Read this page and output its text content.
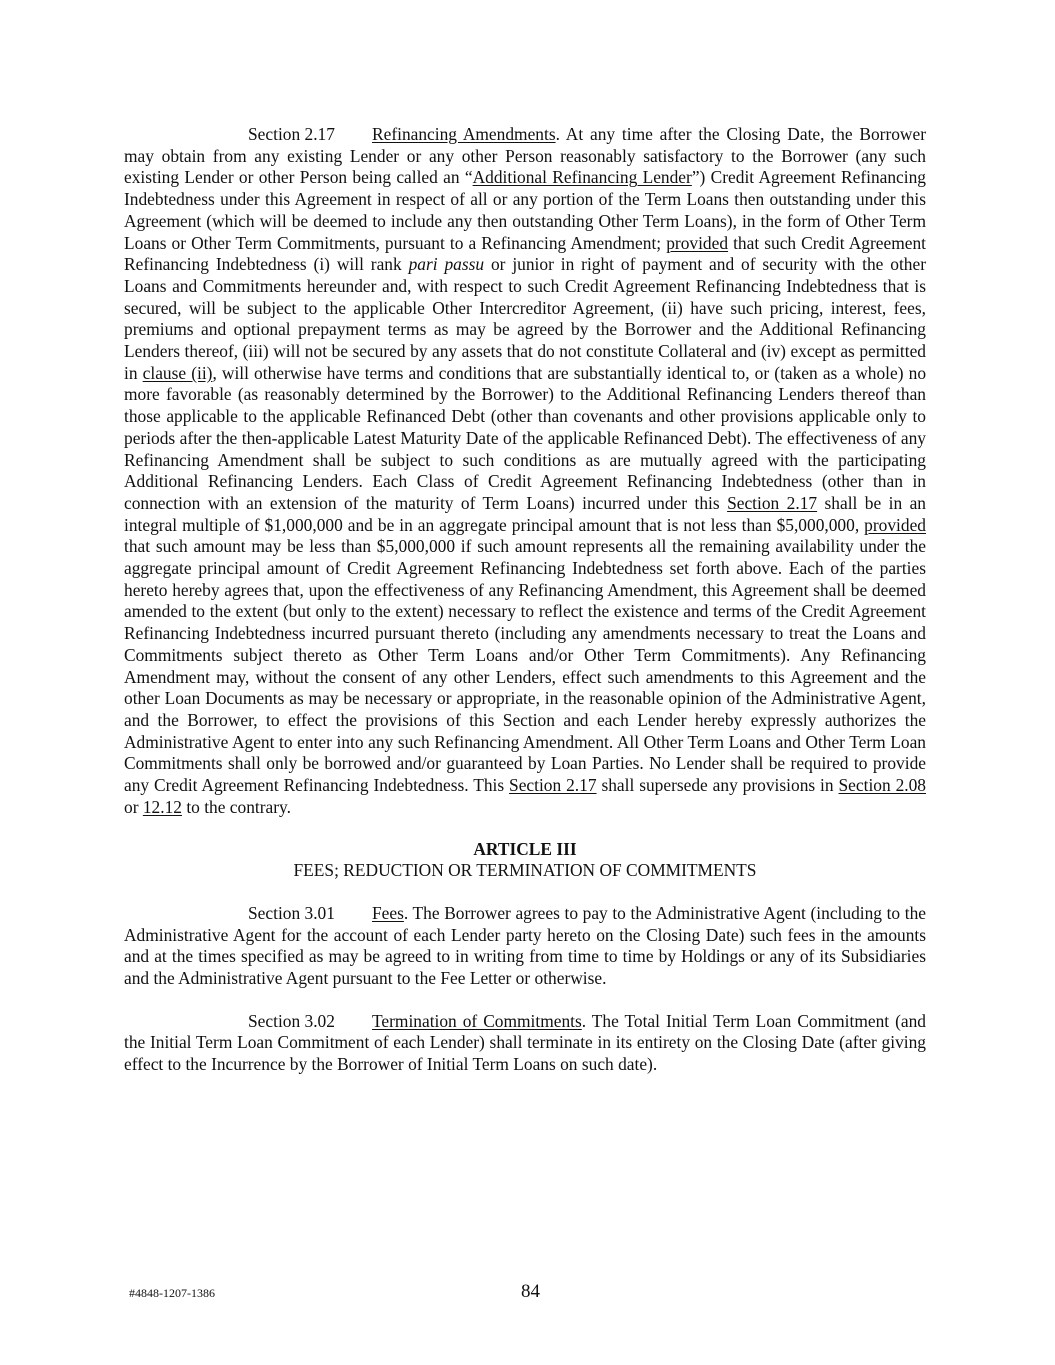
Section 2.17 Refinancing Amendments. At any time after the Closing Date, the Borrower may obtain from any existing Lender or any other Person reasonably satisfactory to the Borrower (any such existing Lender or other Person being called an “Additional Refinancing Lender”) Credit Agreement Refinancing Indebtedness under this Agreement in respect of all or any portion of the Term Loans then outstanding under this Agreement (which will be deemed to include any then outstanding Other Term Loans), in the form of Other Term Loans or Other Term Commitments, pursuant to a Refinancing Amendment; provided that such Credit Agreement Refinancing Indebtedness (i) will rank pari passu or junior in right of payment and of security with the other Loans and Commitments hereunder and, with respect to such Credit Agreement Refinancing Indebtedness that is secured, will be subject to the applicable Other Intercreditor Agreement, (ii) have such pricing, interest, fees, premiums and optional prepayment terms as may be agreed by the Borrower and the Additional Refinancing Lenders thereof, (iii) will not be secured by any assets that do not constitute Collateral and (iv) except as permitted in clause (ii), will otherwise have terms and conditions that are substantially identical to, or (taken as a whole) no more favorable (as reasonably determined by the Borrower) to the Additional Refinancing Lenders thereof than those applicable to the applicable Refinanced Debt (other than covenants and other provisions applicable only to periods after the then-applicable Latest Maturity Date of the applicable Refinanced Debt). The effectiveness of any Refinancing Amendment shall be subject to such conditions as are mutually agreed with the participating Additional Refinancing Lenders. Each Class of Credit Agreement Refinancing Indebtedness (other than in connection with an extension of the maturity of Term Loans) incurred under this Section 2.17 shall be in an integral multiple of $1,000,000 and be in an aggregate principal amount that is not less than $5,000,000, provided that such amount may be less than $5,000,000 if such amount represents all the remaining availability under the aggregate principal amount of Credit Agreement Refinancing Indebtedness set forth above. Each of the parties hereto hereby agrees that, upon the effectiveness of any Refinancing Amendment, this Agreement shall be deemed amended to the extent (but only to the extent) necessary to reflect the existence and terms of the Credit Agreement Refinancing Indebtedness incurred pursuant thereto (including any amendments necessary to treat the Loans and Commitments subject thereto as Other Term Loans and/or Other Term Commitments). Any Refinancing Amendment may, without the consent of any other Lenders, effect such amendments to this Agreement and the other Loan Documents as may be necessary or appropriate, in the reasonable opinion of the Administrative Agent, and the Borrower, to effect the provisions of this Section and each Lender hereby expressly authorizes the Administrative Agent to enter into any such Refinancing Amendment. All Other Term Loans and Other Term Loan Commitments shall only be borrowed and/or guaranteed by Loan Parties. No Lender shall be required to provide any Credit Agreement Refinancing Indebtedness. This Section 2.17 shall supersede any provisions in Section 2.08 or 12.12 to the contrary.

ARTICLE III
FEES; REDUCTION OR TERMINATION OF COMMITMENTS

Section 3.01 Fees. The Borrower agrees to pay to the Administrative Agent (including to the Administrative Agent for the account of each Lender party hereto on the Closing Date) such fees in the amounts and at the times specified as may be agreed to in writing from time to time by Holdings or any of its Subsidiaries and the Administrative Agent pursuant to the Fee Letter or otherwise.

Section 3.02 Termination of Commitments. The Total Initial Term Loan Commitment (and the Initial Term Loan Commitment of each Lender) shall terminate in its entirety on the Closing Date (after giving effect to the Incurrence by the Borrower of Initial Term Loans on such date).

#4848-1207-1386	84
